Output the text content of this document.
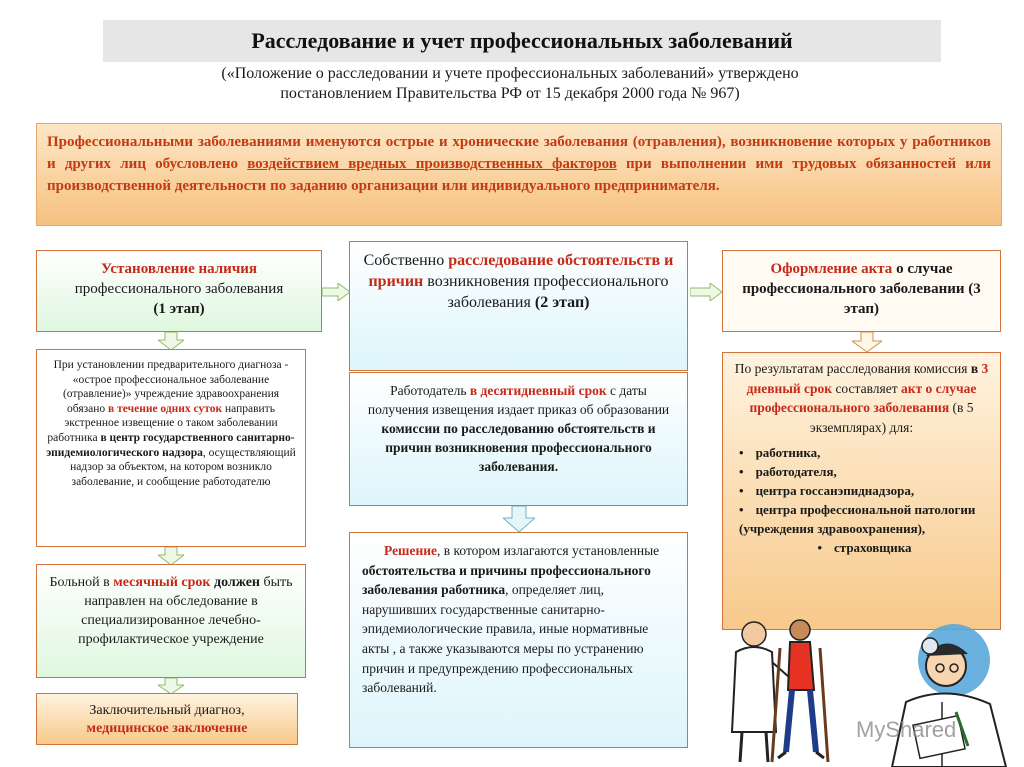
Расследование и учет профессиональных заболеваний
(«Положение о расследовании и учете профессиональных заболеваний» утверждено
постановлением Правительства РФ от 15 декабря 2000 года № 967)
Профессиональными заболеваниями именуются острые и хронические заболевания (отравления), возникновение которых у работников и других лиц обусловлено воздействием вредных производственных факторов при выполнении ими трудовых обязанностей или производственной деятельности по заданию организации или индивидуального предпринимателя.
Установление наличия
профессионального заболевания
(1 этап)
Собственно расследование обстоятельств и причин возникновения профессионального заболевания (2 этап)
Оформление акта о случае профессионального заболевании (3 этап)
При установлении предварительного диагноза - «острое профессиональное заболевание (отравление)» учреждение здравоохранения обязано в течение одних суток направить экстренное извещение о таком заболевании работника в центр государственного санитарно-эпидемиологического надзора, осуществляющий надзор за объектом, на котором возникло заболевание, и сообщение работодателю
Больной в месячный срок должен быть направлен на обследование в специализированное лечебно-профилактическое учреждение
Заключительный диагноз,
медицинское заключение
Работодатель в десятидневный срок с даты получения извещения издает приказ об образовании комиссии по расследованию обстоятельств и причин возникновения профессионального заболевания.
Решение, в котором излагаются установленные обстоятельства и причины профессионального заболевания работника, определяет лиц, нарушивших государственные санитарно-эпидемиологические правила, иные нормативные акты , а также указываются меры по устранению причин и предупреждению профессиональных заболеваний.
По результатам расследования комиссия в 3 дневный срок составляет акт о случае профессионального заболевания (в 5 экземплярах) для:
• работника,
• работодателя,
• центра госсанэпиднадзора,
• центра профессиональной патологии (учреждения здравоохранения),
• страховщика
MyShared
